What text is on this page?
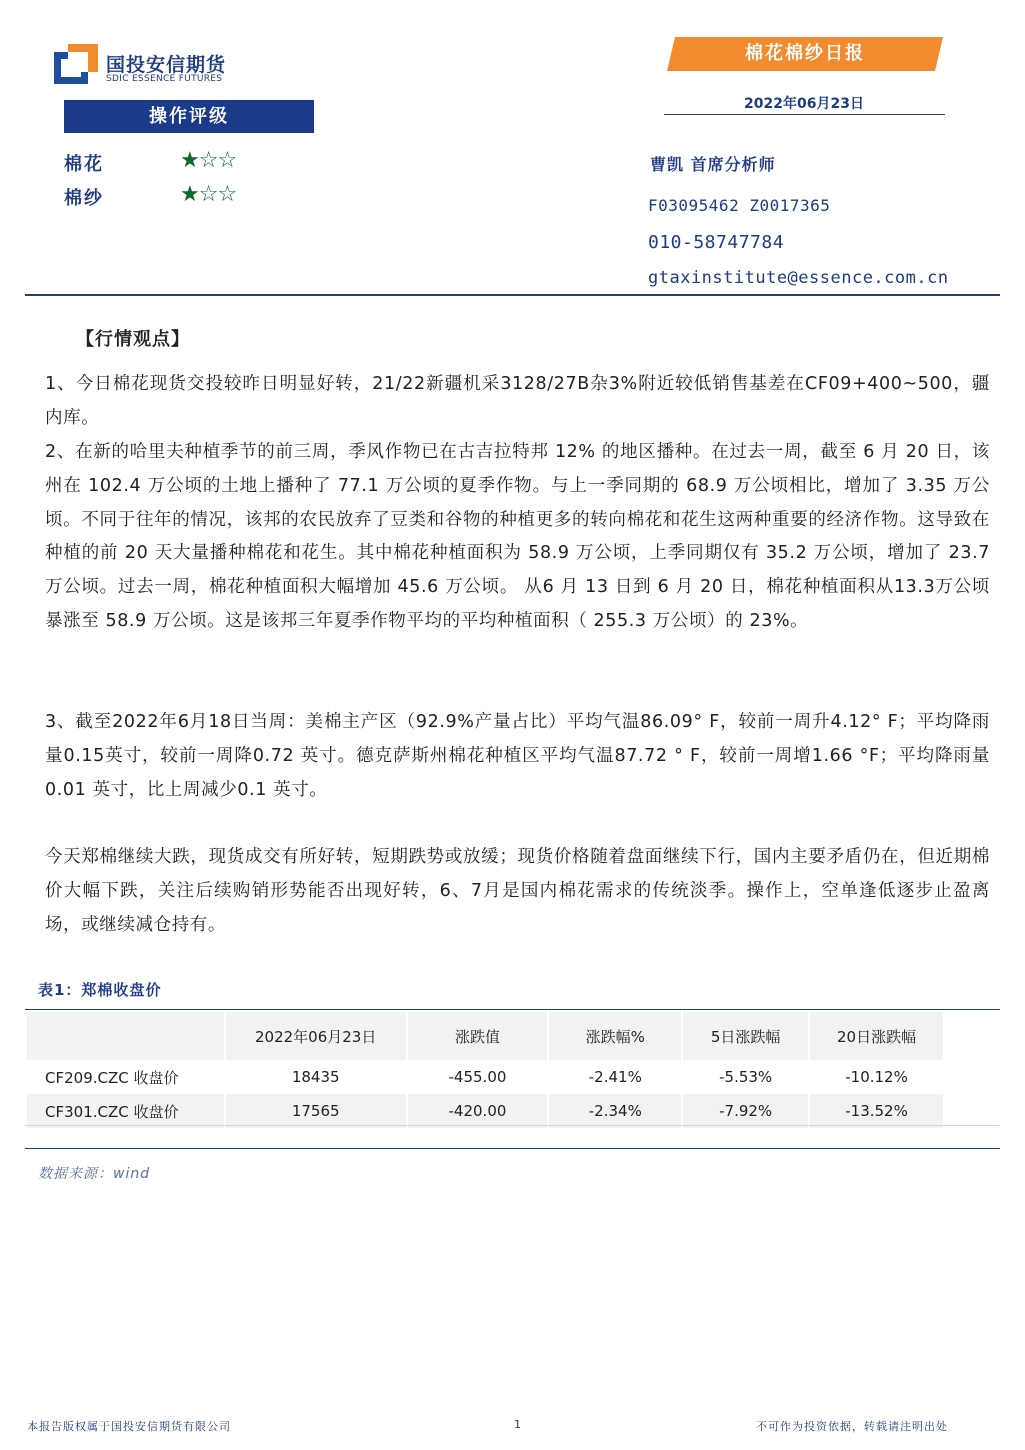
国投安信期货
SDIC ESSENCE FUTURES
棉花棉纱日报
2022年06月23日
操作评级
棉花	★☆☆
棉纱	★☆☆
曹凯 首席分析师
F03095462 Z0017365
010-58747784
gtaxinstitute@essence.com.cn
【行情观点】
1、今日棉花现货交投较昨日明显好转，21/22新疆机采3128/27B杂3%附近较低销售基差在CF09+400~500，疆内库。
2、在新的哈里夫种植季节的前三周，季风作物已在古吉拉特邦 12% 的地区播种。在过去一周，截至 6 月 20 日，该州在 102.4 万公顷的土地上播种了 77.1 万公顷的夏季作物。与上一季同期的 68.9 万公顷相比，增加了 3.35 万公顷。不同于往年的情况，该邦的农民放弃了豆类和谷物的种植更多的转向棉花和花生这两种重要的经济作物。这导致在种植的前 20 天大量播种棉花和花生。其中棉花种植面积为 58.9 万公顷，上季同期仅有 35.2 万公顷，增加了 23.7 万公顷。过去一周，棉花种植面积大幅增加 45.6 万公顷。 从6 月 13 日到 6 月 20 日，棉花种植面积从13.3万公顷暴涨至 58.9 万公顷。这是该邦三年夏季作物平均的平均种植面积（ 255.3 万公顷）的 23%。
3、截至2022年6月18日当周：美棉主产区（92.9%产量占比）平均气温86.09° F，较前一周升4.12° F；平均降雨量0.15英寸，较前一周降0.72 英寸。德克萨斯州棉花种植区平均气温87.72 ° F，较前一周增1.66 °F；平均降雨量0.01 英寸，比上周减少0.1 英寸。
今天郑棉继续大跌，现货成交有所好转，短期跌势或放缓；现货价格随着盘面继续下行，国内主要矛盾仍在，但近期棉价大幅下跌，关注后续购销形势能否出现好转，6、7月是国内棉花需求的传统淡季。操作上，空单逢低逐步止盈离场，或继续减仓持有。
表1：郑棉收盘价
	2022年06月23日	涨跌值	涨跌幅%	5日涨跌幅	20日涨跌幅
CF209.CZC 收盘价	18435	-455.00	-2.41%	-5.53%	-10.12%
CF301.CZC 收盘价	17565	-420.00	-2.34%	-7.92%	-13.52%
数据来源：wind
本报告版权属于国投安信期货有限公司	1	不可作为投资依据，转载请注明出处
